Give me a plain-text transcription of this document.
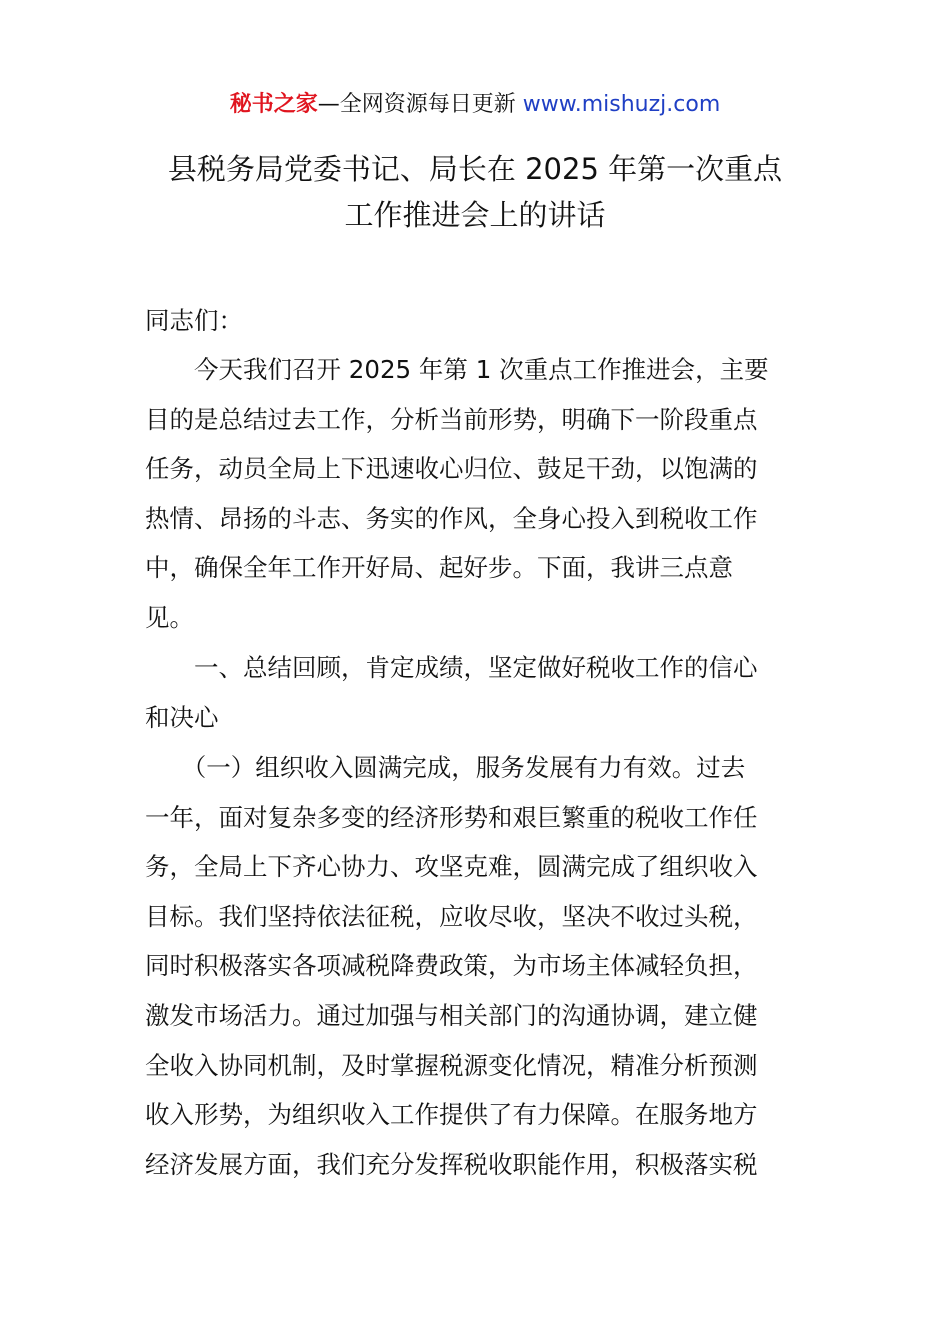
秘书之家—全网资源每日更新 www.mishuzj.com
县税务局党委书记、局长在 2025 年第一次重点
工作推进会上的讲话
同志们：
　　今天我们召开 2025 年第 1 次重点工作推进会，主要
目的是总结过去工作，分析当前形势，明确下一阶段重点
任务，动员全局上下迅速收心归位、鼓足干劲，以饱满的
热情、昂扬的斗志、务实的作风，全身心投入到税收工作
中，确保全年工作开好局、起好步。下面，我讲三点意
见。
　　一、总结回顾，肯定成绩，坚定做好税收工作的信心
和决心
　　（一）组织收入圆满完成，服务发展有力有效。过去
一年，面对复杂多变的经济形势和艰巨繁重的税收工作任
务，全局上下齐心协力、攻坚克难，圆满完成了组织收入
目标。我们坚持依法征税，应收尽收，坚决不收过头税，
同时积极落实各项减税降费政策，为市场主体减轻负担，
激发市场活力。通过加强与相关部门的沟通协调，建立健
全收入协同机制，及时掌握税源变化情况，精准分析预测
收入形势，为组织收入工作提供了有力保障。在服务地方
经济发展方面，我们充分发挥税收职能作用，积极落实税
